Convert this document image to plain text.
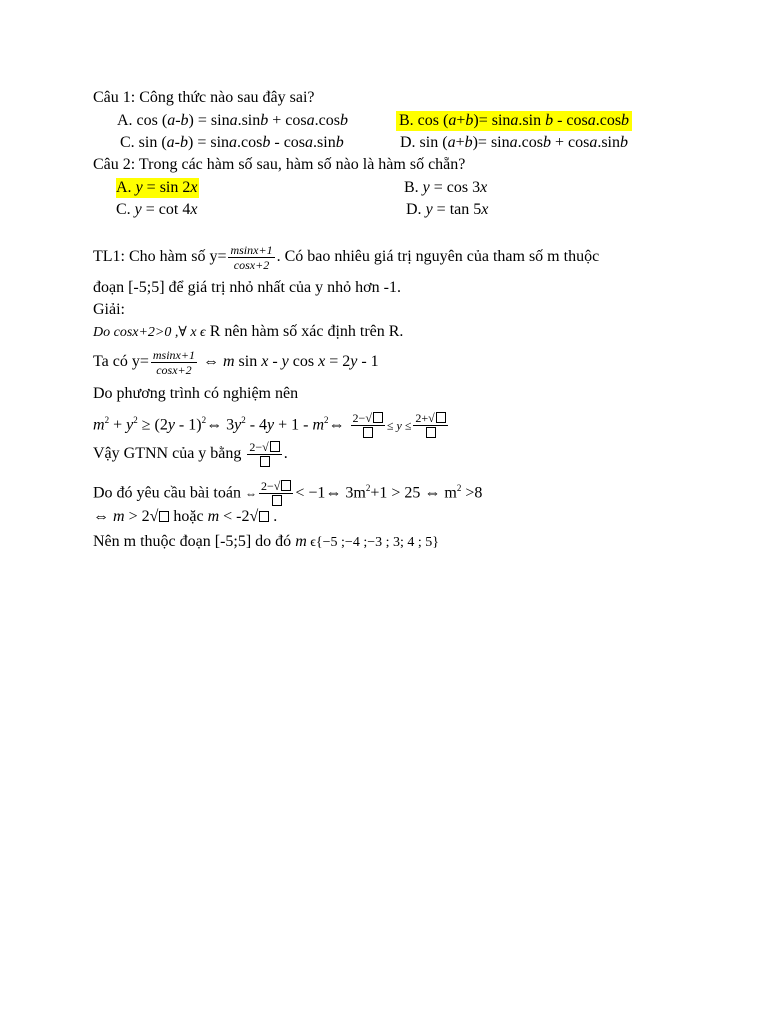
Câu 1: Công thức nào sau đây sai?
A. cos (a-b) = sina.sinb + cosa.cosb	B. cos (a+b)= sina.sin b - cosa.cosb
C. sin (a-b) = sina.cosb - cosa.sinb	D. sin (a+b)= sina.cosb + cosa.sinb
Câu 2: Trong các hàm số sau, hàm số nào là hàm số chẵn?
A. y = sin 2x	B. y = cos 3x
C. y = cot 4x	D. y = tan 5x
TL1: Cho hàm số $y= \frac{msinx+1}{\cos x+2}$ . Có bao nhiêu giá trị nguyên của tham số m thuộc
đoạn [-5;5] để giá trị nhỏ nhất của y nhỏ hơn -1.
Giải:
Do cosx+2>0 ,∀ x ϵ R nên hàm số xác định trên R.
Ta có $y= \frac{msinx+1}{\cos x+2}$ ⇔ m sin x - y cos x = 2y - 1
Do phương trình có nghiệm nên
$m^2 + y^2 \ge (2y$ - 1)$^2$⇔ $3y^2 - 4y + 1$ - $m^2\Leftrightarrow$ 2−√
≤ y ≤
2+√
Vậy GTNN của y bằng 2−√ .
Do đó yêu cầu bài toán ⇔
2−√ < −1⇔ $3m^2+1 > 25$ ⇔ $m^2 >8$
⇔ m > 2√ hoặc m < -2√ .
Nên m thuộc đoạn [-5;5] do đó m ϵ{−5 ;−4 ;−3 ; 3; 4 ; 5}
